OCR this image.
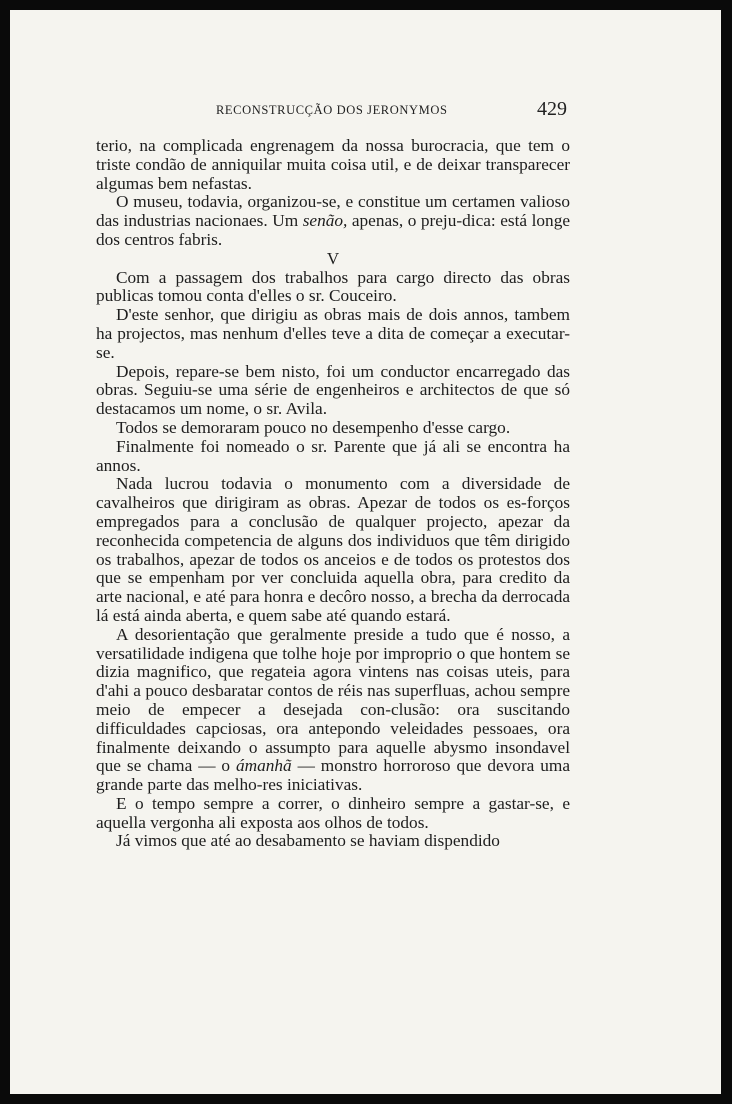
RECONSTRUCÇÃO DOS JERONYMOS	429

terio, na complicada engrenagem da nossa burocracia, que tem o triste condão de anniquilar muita coisa util, e de deixar transparecer algumas bem nefastas.

O museu, todavia, organizou-se, e constitue um certamen valioso das industrias nacionaes. Um senão, apenas, o preju-dica: está longe dos centros fabris.

V

Com a passagem dos trabalhos para cargo directo das obras publicas tomou conta d'elles o sr. Couceiro.

D'este senhor, que dirigiu as obras mais de dois annos, tambem ha projectos, mas nenhum d'elles teve a dita de começar a executar-se.

Depois, repare-se bem nisto, foi um conductor encarregado das obras. Seguiu-se uma série de engenheiros e architectos de que só destacamos um nome, o sr. Avila.

Todos se demoraram pouco no desempenho d'esse cargo.

Finalmente foi nomeado o sr. Parente que já ali se encontra ha annos.

Nada lucrou todavia o monumento com a diversidade de cavalheiros que dirigiram as obras. Apezar de todos os es-forços empregados para a conclusão de qualquer projecto, apezar da reconhecida competencia de alguns dos individuos que têm dirigido os trabalhos, apezar de todos os anceios e de todos os protestos dos que se empenham por ver concluida aquella obra, para credito da arte nacional, e até para honra e decôro nosso, a brecha da derrocada lá está ainda aberta, e quem sabe até quando estará.

A desorientação que geralmente preside a tudo que é nosso, a versatilidade indigena que tolhe hoje por improprio o que hontem se dizia magnifico, que regateia agora vintens nas coisas uteis, para d'ahi a pouco desbaratar contos de réis nas superfluas, achou sempre meio de empecer a desejada con-clusão: ora suscitando difficuldades capciosas, ora antepondo veleidades pessoaes, ora finalmente deixando o assumpto para aquelle abysmo insondavel que se chama — o ámanhã — monstro horroroso que devora uma grande parte das melho-res iniciativas.

E o tempo sempre a correr, o dinheiro sempre a gastar-se, e aquella vergonha ali exposta aos olhos de todos.

Já vimos que até ao desabamento se haviam dispendido
